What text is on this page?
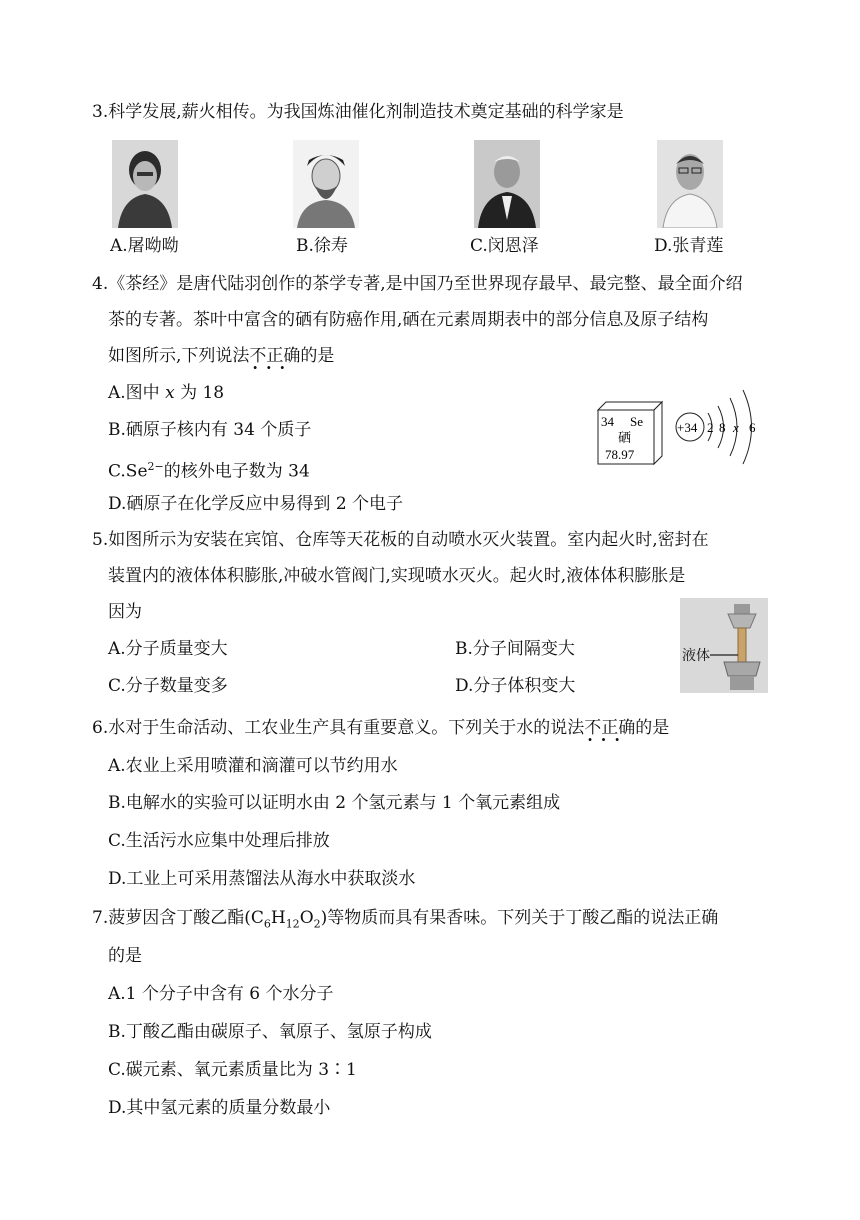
3.科学发展,薪火相传。为我国炼油催化剂制造技术奠定基础的科学家是
A.屠呦呦	B.徐寿	C.闵恩泽	D.张青莲
4.《茶经》是唐代陆羽创作的茶学专著,是中国乃至世界现存最早、最完整、最全面介绍
茶的专著。茶叶中富含的硒有防癌作用,硒在元素周期表中的部分信息及原子结构
如图所示,下列说法不正确 · · ·的是
A.图中 x 为 18
B.硒原子核内有 34 个质子
$C.Se^{2-}$的核外电子数为 34
D.硒原子在化学反应中易得到 2 个电子
34 Se
硒
78.97
+34 2 8 x 6
5.如图所示为安装在宾馆、仓库等天花板的自动喷水灭火装置。室内起火时,密封在
装置内的液体体积膨胀,冲破水管阀门,实现喷水灭火。起火时,液体体积膨胀是
因为
A.分子质量变大	B.分子间隔变大
C.分子数量变多	D.分子体积变大
液体
6.水对于生命活动、工农业生产具有重要意义。下列关于水的说法不正确 · · ·的是
A.农业上采用喷灌和滴灌可以节约用水
B.电解水的实验可以证明水由 2 个氢元素与 1 个氧元素组成
C.生活污水应集中处理后排放
D.工业上可采用蒸馏法从海水中获取淡水
7.菠萝因含丁酸乙酯$(C_6H_{12}O_2)$等物质而具有果香味。下列关于丁酸乙酯的说法正确
的是
A.1 个分子中含有 6 个水分子
B.丁酸乙酯由碳原子、氧原子、氢原子构成
C.碳元素、氧元素质量比为 3∶1
D.其中氢元素的质量分数最小
